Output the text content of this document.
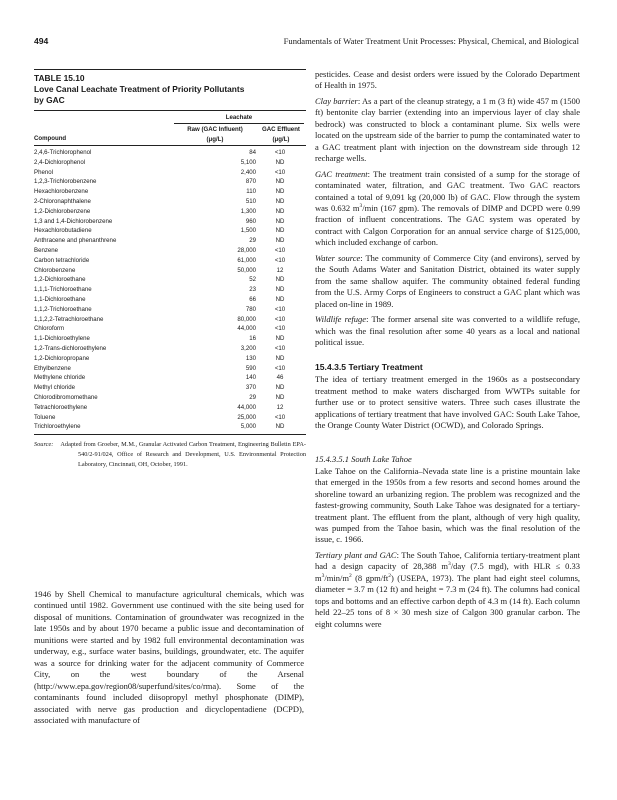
494	Fundamentals of Water Treatment Unit Processes: Physical, Chemical, and Biological
TABLE 15.10
Love Canal Leachate Treatment of Priority Pollutants by GAC
Leachate
Compound
Raw (GAC Influent)
(μg/L)
GAC Effluent
(μg/L)
2,4,6-Trichlorophenol	84	<10
2,4-Dichlorophenol	5,100	ND
Phenol	2,400	<10
1,2,3-Trichlorobenzene	870	ND
Hexachlorobenzene	110	ND
2-Chloronaphthalene	510	ND
1,2-Dichlorobenzene	1,300	ND
1,3 and 1,4-Dichlorobenzene	960	ND
Hexachlorobutadiene	1,500	ND
Anthracene and phenanthrene	29	ND
Benzene	28,000	<10
Carbon tetrachloride	61,000	<10
Chlorobenzene	50,000	12
1,2-Dichloroethane	52	ND
1,1,1-Trichloroethane	23	ND
1,1-Dichloroethane	66	ND
1,1,2-Trichloroethane	780	<10
1,1,2,2-Tetrachloroethane	80,000	<10
Chloroform	44,000	<10
1,1-Dichloroethylene	16	ND
1,2-Trans-dichloroethylene	3,200	<10
1,2-Dichloropropane	130	ND
Ethylbenzene	590	<10
Methylene chloride	140	46
Methyl chloride	370	ND
Chlorodibromomethane	29	ND
Tetrachloroethylene	44,000	12
Toluene	25,000	<10
Trichloroethylene	5,000	ND
Source: Adapted from Groeber, M.M., Granular Activated Carbon Treatment, Engineering Bulletin EPA-540/2-91/024, Office of Research and Development, U.S. Environmental Protection Laboratory, Cincinnati, OH, October, 1991.
1946 by Shell Chemical to manufacture agricultural chemicals, which was continued until 1982. Government use continued with the site being used for disposal of munitions. Contamination of groundwater was recognized in the late 1950s and by about 1970 became a public issue and decontamination of munitions were started and by 1982 full environmental decontamination was underway, e.g., surface water basins, buildings, groundwater, etc. The aquifer was a source for drinking water for the adjacent community of Commerce City, on the west boundary of the Arsenal (http://www.epa.gov/region08/superfund/sites/co/rma). Some of the contaminants found included diisopropyl methyl phosphonate (DIMP), associated with nerve gas production and dicyclopentadiene (DCPD), associated with manufacture of

pesticides. Cease and desist orders were issued by the Colorado Department of Health in 1975.

Clay barrier: As a part of the cleanup strategy, a 1 m (3 ft) wide 457 m (1500 ft) bentonite clay barrier (extending into an impervious layer of clay shale bedrock) was constructed to block a contaminant plume. Six wells were located on the upstream side of the barrier to pump the contaminated water to a GAC treatment plant with injection on the downstream side through 12 recharge wells.

GAC treatment: The treatment train consisted of a sump for the storage of contaminated water, filtration, and GAC treatment. Two GAC reactors contained a total of 9,091 kg (20,000 lb) of GAC. Flow through the system was 0.632 $m^3/\min$ (167 gpm). The removals of DIMP and DCPD were 0.99 fraction of influent concentrations. The GAC system was operated by contract with Calgon Corporation for an annual service charge of $125,000, which included exchange of carbon.

Water source: The community of Commerce City (and environs), served by the South Adams Water and Sanitation District, obtained its water supply from the same shallow aquifer. The community obtained federal funding from the U.S. Army Corps of Engineers to construct a GAC plant which was placed on-line in 1989.

Wildlife refuge: The former arsenal site was converted to a wildlife refuge, which was the final resolution after some 40 years as a local and national political issue.

15.4.3.5 Tertiary Treatment

The idea of tertiary treatment emerged in the 1960s as a postsecondary treatment method to make waters discharged from WWTPs suitable for further use or to protect sensitive waters. Three such cases illustrate the applications of tertiary treatment that have involved GAC: South Lake Tahoe, the Orange County Water District (OCWD), and Colorado Springs.

15.4.3.5.1 South Lake Tahoe

Lake Tahoe on the California–Nevada state line is a pristine mountain lake that emerged in the 1950s from a few resorts and second homes around the shoreline toward an urbanizing region. The problem was recognized and the fastest-growing community, South Lake Tahoe was designated for a tertiary-treatment plant. The effluent from the plant, although of very high quality, was pumped from the Tahoe basin, which was the final resolution of the issue, c. 1966.

Tertiary plant and GAC: The South Tahoe, California tertiary-treatment plant had a design capacity of 28,388 $m^3$/day (7.5 mgd), with HLR ≤ 0.33 $m^3/\min/m^2$ (8 gpm/$ft^2$) (USEPA, 1973). The plant had eight steel columns, diameter = 3.7 m (12 ft) and height = 7.3 m (24 ft). The columns had conical tops and bottoms and an effective carbon depth of 4.3 m (14 ft). Each column held 22–25 tons of 8 × 30 mesh size of Calgon 300 granular carbon. The eight columns were
